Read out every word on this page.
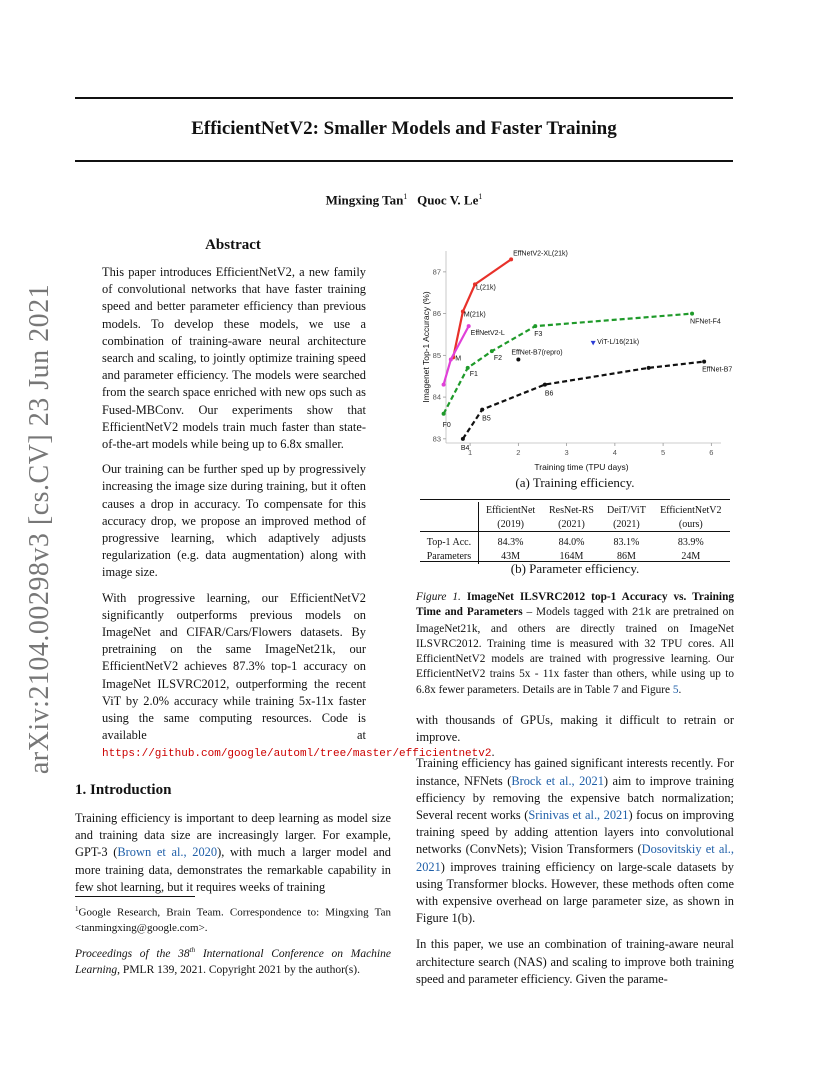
EfficientNetV2: Smaller Models and Faster Training
Mingxing Tan$^1$ Quoc V. Le$^1$
arXiv:2104.00298v3 [cs.CV] 23 Jun 2021
Abstract

This paper introduces EfficientNetV2, a new family of convolutional networks that have faster training speed and better parameter efficiency than previous models. To develop these models, we use a combination of training-aware neural architecture search and scaling, to jointly optimize training speed and parameter efficiency. The models were searched from the search space enriched with new ops such as Fused-MBConv. Our experiments show that EfficientNetV2 models train much faster than state-of-the-art models while being up to 6.8x smaller.

Our training can be further sped up by progressively increasing the image size during training, but it often causes a drop in accuracy. To compensate for this accuracy drop, we propose an improved method of progressive learning, which adaptively adjusts regularization (e.g. data augmentation) along with image size.

With progressive learning, our EfficientNetV2 significantly outperforms previous models on ImageNet and CIFAR/Cars/Flowers datasets. By pretraining on the same ImageNet21k, our EfficientNetV2 achieves 87.3% top-1 accuracy on ImageNet ILSVRC2012, outperforming the recent ViT by 2.0% accuracy while training 5x-11x faster using the same computing resources. Code is available at https://github.com/google/automl/tree/master/efficientnetv2.

1. Introduction

Training efficiency is important to deep learning as model size and training data size are increasingly larger. For example, GPT-3 (Brown et al., 2020), with much a larger model and more training data, demonstrates the remarkable capability in few shot learning, but it requires weeks of training

$^1$Google Research, Brain Team. Correspondence to: Mingxing Tan <tanmingxing@google.com>.
Proceedings of the 38th International Conference on Machine Learning, PMLR 139, 2021. Copyright 2021 by the author(s).
1	2	3	4	5	6
83
84
85
86
87
Training time (TPU days)
Imagenet Top-1 Accuracy (%)	M
M(21k)
L(21k)
EffNetV2-XL(21k)
EffNetV2-L
F0
F1
F2
F3
NFNet-F4
B4
B5
B6
EffNet-B7
EffNet-B7(repro)
ViT-L/16(21k)
(a) Training efficiency.
	EfficientNet	ResNet-RS	DeiT/ViT	EfficientNetV2
	(2019)	(2021)	(2021)	(ours)
Top-1 Acc.	84.3%	84.0%	83.1%	83.9%
Parameters	43M	164M	86M	24M
(b) Parameter efficiency.
Figure 1. ImageNet ILSVRC2012 top-1 Accuracy vs. Training Time and Parameters – Models tagged with 21k are pretrained on ImageNet21k, and others are directly trained on ImageNet ILSVRC2012. Training time is measured with 32 TPU cores. All EfficientNetV2 models are trained with progressive learning. Our EfficientNetV2 trains 5x - 11x faster than others, while using up to 6.8x fewer parameters. Details are in Table 7 and Figure 5.

with thousands of GPUs, making it difficult to retrain or improve.

Training efficiency has gained significant interests recently. For instance, NFNets (Brock et al., 2021) aim to improve training efficiency by removing the expensive batch normalization; Several recent works (Srinivas et al., 2021) focus on improving training speed by adding attention layers into convolutional networks (ConvNets); Vision Transformers (Dosovitskiy et al., 2021) improves training efficiency on large-scale datasets by using Transformer blocks. However, these methods often come with expensive overhead on large parameter size, as shown in Figure 1(b).

In this paper, we use an combination of training-aware neural architecture search (NAS) and scaling to improve both training speed and parameter efficiency. Given the parame-
